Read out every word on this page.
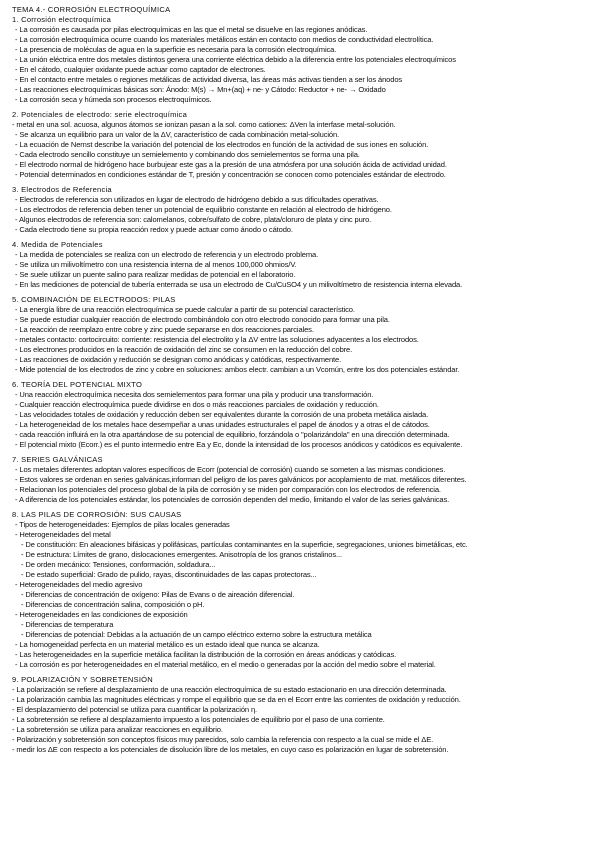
TEMA 4.- CORROSIÓN ELECTROQUÍMICA
1. Corrosión electroquímica
- La corrosión es causada por pilas electroquímicas en las que el metal se disuelve en las regiones anódicas.
- La corrosión electroquímica ocurre cuando los materiales metálicos están en contacto con medios de conductividad electrolítica.
- La presencia de moléculas de agua en la superficie es necesaria para la corrosión electroquímica.
- La unión eléctrica entre dos metales distintos genera una corriente eléctrica debido a la diferencia entre los potenciales electroquímicos
- En el cátodo, cualquier oxidante puede actuar como captador de electrones.
- En el contacto entre metales o regiones metálicas de actividad diversa, las áreas más activas tienden a ser los ánodos
- Las reacciones electroquímicas básicas son: Ánodo: M(s) → Mn+(aq) + ne- y Cátodo: Reductor + ne- → Oxidado
- La corrosión seca y húmeda son procesos electroquímicos.
2. Potenciales de electrodo: serie electroquímica
- metal en una sol. acuosa, algunos átomos se ionizan pasan a la sol. como cationes: ΔVen la interfase metal-solución.
- Se alcanza un equilibrio para un valor de la ΔV, característico de cada combinación metal-solución.
- La ecuación de Nernst describe la variación del potencial de los electrodos en función de la actividad de sus iones en solución.
- Cada electrodo sencillo constituye un semielemento y combinando dos semielementos se forma una pila.
- El electrodo normal de hidrógeno hace burbujear este gas a la presión de una atmósfera por una solución ácida de actividad unidad.
- Potencial determinados en condiciones estándar de T, presión y concentración se conocen como potenciales estándar de electrodo.
3. Electrodos de Referencia
- Electrodos de referencia son utilizados en lugar de electrodo de hidrógeno debido a sus dificultades operativas.
- Los electrodos de referencia deben tener un potencial de equilibrio constante en relación al electrodo de hidrógeno.
- Algunos electrodos de referencia son: calomelanos, cobre/sulfato de cobre, plata/cloruro de plata y cinc puro.
- Cada electrodo tiene su propia reacción redox y puede actuar como ánodo o cátodo.
4. Medida de Potenciales
- La medida de potenciales se realiza con un electrodo de referencia y un electrodo problema.
- Se utiliza un milivoltímetro con una resistencia interna de al menos 100,000 ohmios/V.
- Se suele utilizar un puente salino para realizar medidas de potencial en el laboratorio.
- En las mediciones de potencial de tubería enterrada se usa un electrodo de Cu/CuSO4 y un milivoltímetro de resistencia interna elevada.
5. COMBINACIÓN DE ELECTRODOS: PILAS
- La energía libre de una reacción electroquímica se puede calcular a partir de su potencial característico.
- Se puede estudiar cualquier reacción de electrodo combinándolo con otro electrodo conocido para formar una pila.
- La reacción de reemplazo entre cobre y zinc puede separarse en dos reacciones parciales.
- metales contacto: cortocircuito: corriente: resistencia del electrolito y la ΔV entre las soluciones adyacentes a los electrodos.
- Los electrones producidos en la reacción de oxidación del zinc se consumen en la reducción del cobre.
- Las reacciones de oxidación y reducción se designan como anódicas y catódicas, respectivamente.
- Mide potencial de los electrodos de zinc y cobre en soluciones: ambos electr. cambian a un Vcomún, entre los dos potenciales estándar.
6. TEORÍA DEL POTENCIAL MIXTO
- Una reacción electroquímica necesita dos semielementos para formar una pila y producir una transformación.
- Cualquier reacción electroquímica puede dividirse en dos o más reacciones parciales de oxidación y reducción.
- Las velocidades totales de oxidación y reducción deben ser equivalentes durante la corrosión de una probeta metálica aislada.
- La heterogeneidad de los metales hace desempeñar a unas unidades estructurales el papel de ánodos y a otras el de cátodos.
- cada reacción influirá en la otra apartándose de su potencial de equilibrio, forzándola o "polarizándola" en una dirección determinada.
- El potencial mixto (Ecorr.) es el punto intermedio entre Ea y Ec, donde la intensidad de los procesos anódicos y catódicos es equivalente.
7. SERIES GALVÁNICAS
- Los metales diferentes adoptan valores específicos de Ecorr (potencial de corrosión) cuando se someten a las mismas condiciones.
- Estos valores se ordenan en series galvánicas,informan del peligro de los pares galvánicos por acoplamiento de mat. metálicos diferentes.
- Relacionan los potenciales del proceso global de la pila de corrosión y se miden por comparación con los electrodos de referencia.
- A diferencia de los potenciales estándar, los potenciales de corrosión dependen del medio, limitando el valor de las series galvánicas.
8. LAS PILAS DE CORROSIÓN: SUS CAUSAS
- Tipos de heterogeneidades: Ejemplos de pilas locales generadas
- Heterogeneidades del metal
- De constitución: En aleaciones bifásicas y polifásicas, partículas contaminantes en la superficie, segregaciones, uniones bimetálicas, etc.
- De estructura: Límites de grano, dislocaciones emergentes. Anisotropía de los granos cristalinos...
- De orden mecánico: Tensiones, conformación, soldadura...
- De estado superficial: Grado de pulido, rayas, discontinuidades de las capas protectoras...
- Heterogeneidades del medio agresivo
- Diferencias de concentración de oxígeno: Pilas de Evans o de aireación diferencial.
- Diferencias de concentración salina, composición o pH.
- Heterogeneidades en las condiciones de exposición
- Diferencias de temperatura
- Diferencias de potencial: Debidas a la actuación de un campo eléctrico externo sobre la estructura metálica
- La homogeneidad perfecta en un material metálico es un estado ideal que nunca se alcanza.
- Las heterogeneidades en la superficie metálica facilitan la distribución de la corrosión en áreas anódicas y catódicas.
- La corrosión es por heterogeneidades en el material metálico, en el medio o generadas por la acción del medio sobre el material.
9. POLARIZACIÓN Y SOBRETENSIÓN
- La polarización se refiere al desplazamiento de una reacción electroquímica de su estado estacionario en una dirección determinada.
- La polarización cambia las magnitudes eléctricas y rompe el equilibrio que se da en el Ecorr entre las corrientes de oxidación y reducción.
- El desplazamiento del potencial se utiliza para cuantificar la polarización η.
- La sobretensión se refiere al desplazamiento impuesto a los potenciales de equilibrio por el paso de una corriente.
- La sobretensión se utiliza para analizar reacciones en equilibrio.
- Polarización y sobretensión son conceptos físicos muy parecidos, solo cambia la referencia con respecto a la cual se mide el ΔE.
- medir los ΔE con respecto a los potenciales de disolución libre de los metales, en cuyo caso es polarización en lugar de sobretensión.
